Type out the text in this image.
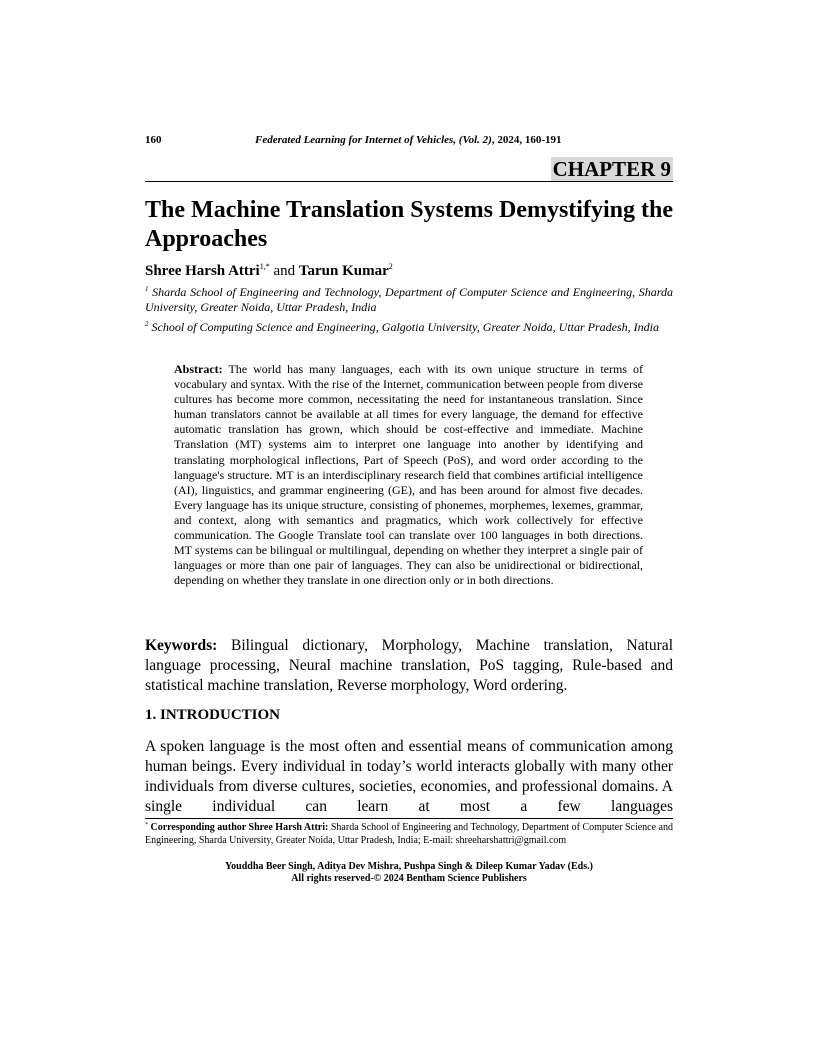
160	Federated Learning for Internet of Vehicles, (Vol. 2), 2024, 160-191
CHAPTER 9
The Machine Translation Systems Demystifying the Approaches
Shree Harsh Attri$^{1,*}$ and Tarun Kumar$^2$

$^1$ Sharda School of Engineering and Technology, Department of Computer Science and Engineering, Sharda University, Greater Noida, Uttar Pradesh, India

$^2$ School of Computing Science and Engineering, Galgotia University, Greater Noida, Uttar Pradesh, India

Abstract: The world has many languages, each with its own unique structure in terms of vocabulary and syntax. With the rise of the Internet, communication between people from diverse cultures has become more common, necessitating the need for instantaneous translation. Since human translators cannot be available at all times for every language, the demand for effective automatic translation has grown, which should be cost-effective and immediate. Machine Translation (MT) systems aim to interpret one language into another by identifying and translating morphological inflections, Part of Speech (PoS), and word order according to the language's structure. MT is an interdisciplinary research field that combines artificial intelligence (AI), linguistics, and grammar engineering (GE), and has been around for almost five decades. Every language has its unique structure, consisting of phonemes, morphemes, lexemes, grammar, and context, along with semantics and pragmatics, which work collectively for effective communication. The Google Translate tool can translate over 100 languages in both directions. MT systems can be bilingual or multilingual, depending on whether they interpret a single pair of languages or more than one pair of languages. They can also be unidirectional or bidirectional, depending on whether they translate in one direction only or in both directions.

Keywords: Bilingual dictionary, Morphology, Machine translation, Natural language processing, Neural machine translation, PoS tagging, Rule-based and statistical machine translation, Reverse morphology, Word ordering.

1. INTRODUCTION

A spoken language is the most often and essential means of communication among human beings. Every individual in today’s world interacts globally with many other individuals from diverse cultures, societies, economies, and professional domains. A single individual can learn at most a few languages

* Corresponding author Shree Harsh Attri: Sharda School of Engineering and Technology, Department of Computer Science and Engineering, Sharda University, Greater Noida, Uttar Pradesh, India; E-mail: shreeharshattri@gmail.com

Youddha Beer Singh, Aditya Dev Mishra, Pushpa Singh & Dileep Kumar Yadav (Eds.)
All rights reserved-© 2024 Bentham Science Publishers
